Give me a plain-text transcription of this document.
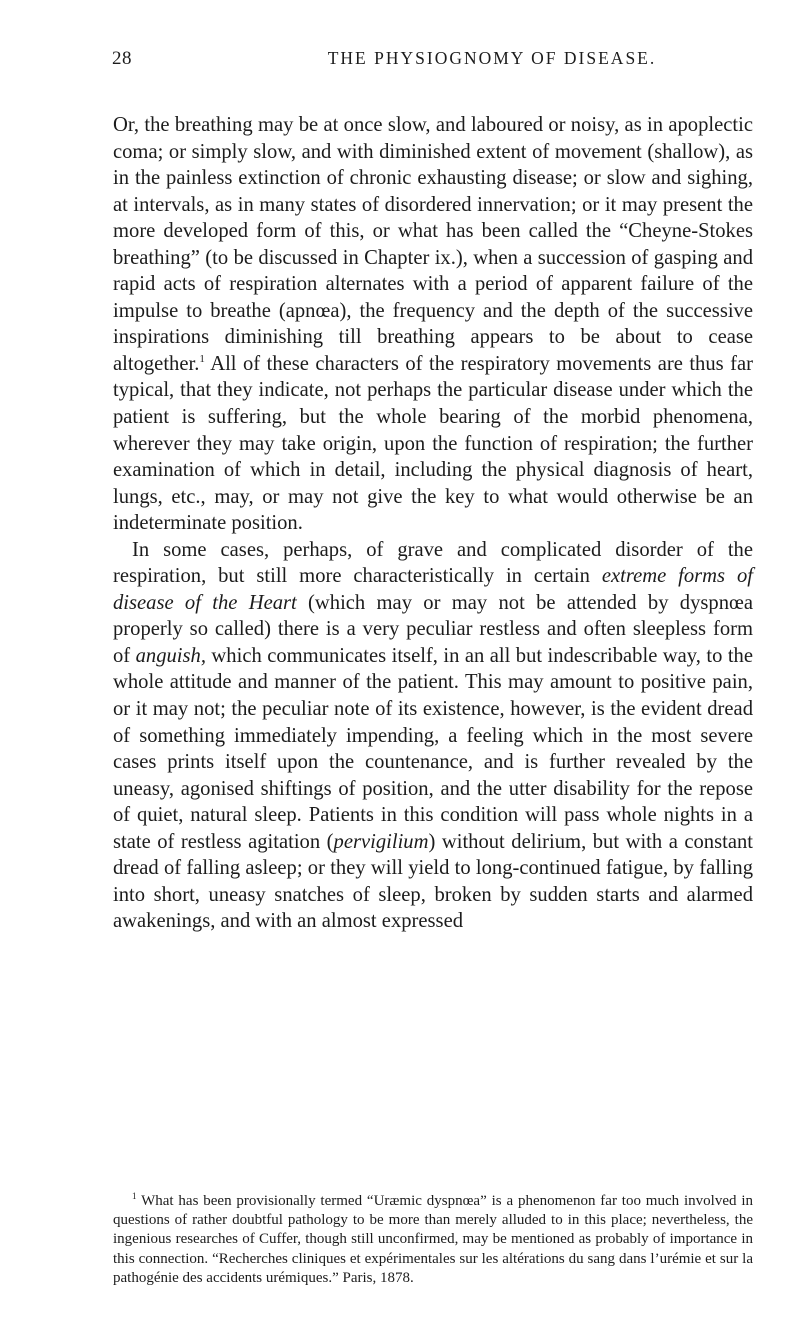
28	THE PHYSIOGNOMY OF DISEASE.

Or, the breathing may be at once slow, and laboured or noisy, as in apoplectic coma; or simply slow, and with diminished extent of movement (shallow), as in the painless extinction of chronic exhausting disease; or slow and sighing, at intervals, as in many states of disordered innervation; or it may present the more developed form of this, or what has been called the “Cheyne-Stokes breathing” (to be discussed in Chapter ix.), when a succession of gasping and rapid acts of respiration alternates with a period of apparent failure of the impulse to breathe (apnœa), the frequency and the depth of the successive inspirations diminishing till breathing appears to be about to cease altogether.$^1$ All of these characters of the respiratory movements are thus far typical, that they indicate, not perhaps the particular disease under which the patient is suffering, but the whole bearing of the morbid phenomena, wherever they may take origin, upon the function of respiration; the further examination of which in detail, including the physical diagnosis of heart, lungs, etc., may, or may not give the key to what would otherwise be an indeterminate position.

In some cases, perhaps, of grave and complicated disorder of the respiration, but still more characteristically in certain extreme forms of disease of the Heart (which may or may not be attended by dyspnœa properly so called) there is a very peculiar restless and often sleepless form of anguish, which communicates itself, in an all but indescribable way, to the whole attitude and manner of the patient. This may amount to positive pain, or it may not; the peculiar note of its existence, however, is the evident dread of something immediately impending, a feeling which in the most severe cases prints itself upon the countenance, and is further revealed by the uneasy, agonised shiftings of position, and the utter disability for the repose of quiet, natural sleep. Patients in this condition will pass whole nights in a state of restless agitation (pervigilium) without delirium, but with a constant dread of falling asleep; or they will yield to long-continued fatigue, by falling into short, uneasy snatches of sleep, broken by sudden starts and alarmed awakenings, and with an almost expressed

$^1$ What has been provisionally termed “Uræmic dyspnœa” is a phenomenon far too much involved in questions of rather doubtful pathology to be more than merely alluded to in this place; nevertheless, the ingenious researches of Cuffer, though still unconfirmed, may be mentioned as probably of importance in this connection. “Recherches cliniques et expérimentales sur les altérations du sang dans l’urémie et sur la pathogénie des accidents urémiques.” Paris, 1878.
